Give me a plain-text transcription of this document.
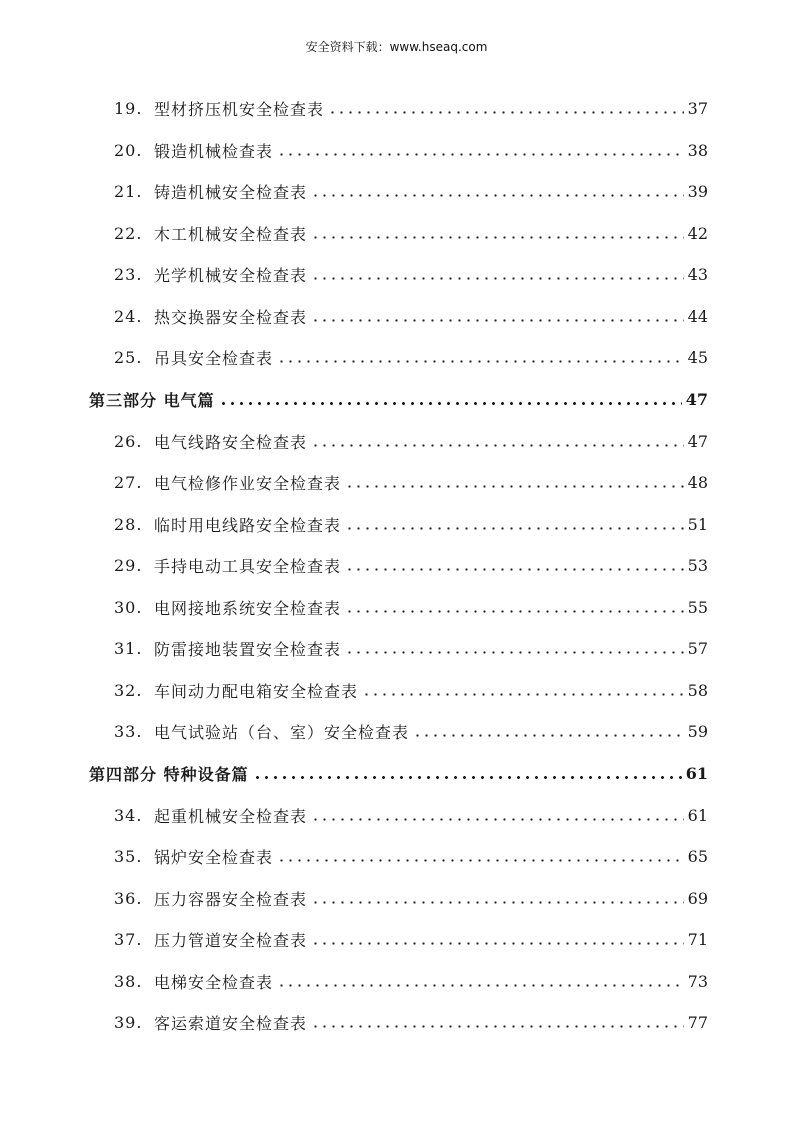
安全资料下载：www.hseaq.com
19. 型材挤压机安全检查表	37
20. 锻造机械检查表	38
21. 铸造机械安全检查表	39
22. 木工机械安全检查表	42
23. 光学机械安全检查表	43
24. 热交换器安全检查表	44
25. 吊具安全检查表	45
第三部分 电气篇	47
26. 电气线路安全检查表	47
27. 电气检修作业安全检查表	48
28. 临时用电线路安全检查表	51
29. 手持电动工具安全检查表	53
30. 电网接地系统安全检查表	55
31. 防雷接地装置安全检查表	57
32. 车间动力配电箱安全检查表	58
33. 电气试验站（台、室）安全检查表	59
第四部分 特种设备篇	61
34. 起重机械安全检查表	61
35. 锅炉安全检查表	65
36. 压力容器安全检查表	69
37. 压力管道安全检查表	71
38. 电梯安全检查表	73
39. 客运索道安全检查表	77
